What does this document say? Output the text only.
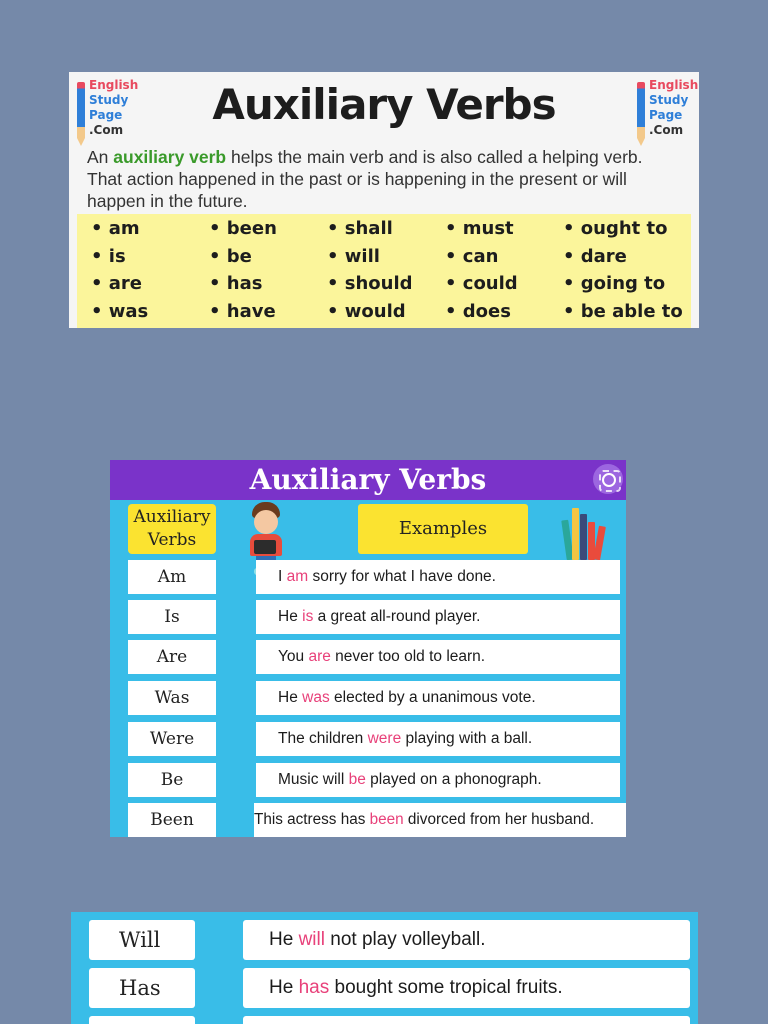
English
Study
Page
.Com
Auxiliary Verbs	English
Study
Page
.Com
An auxiliary verb helps the main verb and is also called a helping verb. That action happened in the past or is happening in the present or will happen in the future.
• am	• been	• shall	• must	• ought to
• is	• be	• will	• can	• dare
• are	• has	• should	• could	• going to
• was	• have	• would	• does	• be able to
Auxiliary Verbs
Auxiliary
Verbs
Examples
Am	I am sorry for what I have done.
Is	He is a great all-round player.
Are	You are never too old to learn.
Was	He was elected by a unanimous vote.
Were	The children were playing with a ball.
Be	Music will be played on a phonograph.
Been	This actress has been divorced from her husband.
Will	He will not play volleyball.
Has	He has bought some tropical fruits.
